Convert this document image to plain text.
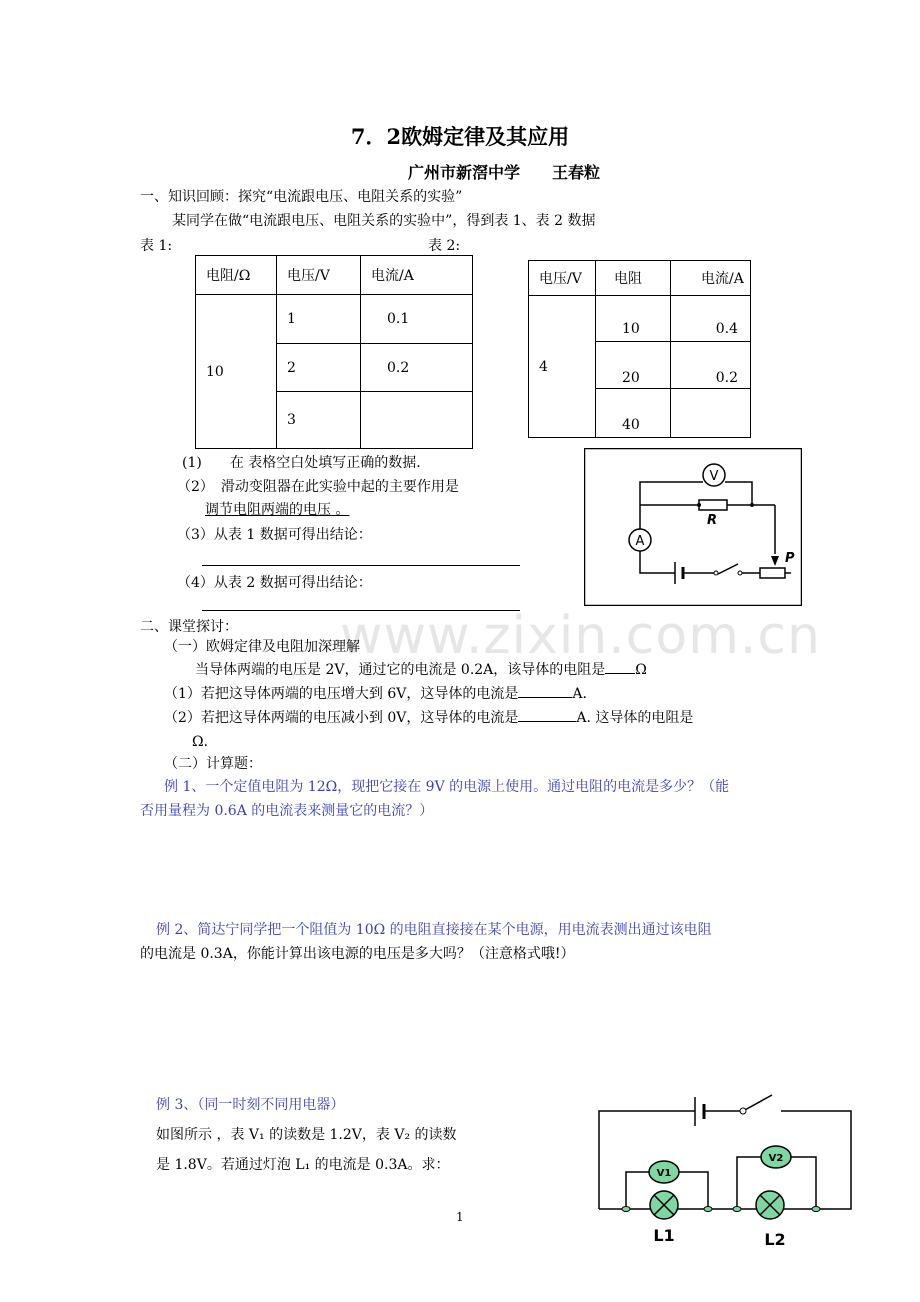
www.zixin.com.cn
7．2欧姆定律及其应用
广州市新滘中学　　王春粒
一、知识回顾：探究“电流跟电压、电阻关系的实验”
某同学在做“电流跟电压、电阻关系的实验中”，得到表 1、表 2 数据
表 1:	表 2:
电阻/Ω	电压/V	电流/A
10	1	0.1
	2	0.2
	3	
电压/V	电阻	电流/A
4	10	0.4
	20	0.2
	40	
(1)　　在 表格空白处填写正确的数据.
（2）　滑动变阻器在此实验中起的主要作用是
调节电阻两端的电压 。
（3）从表 1 数据可得出结论：
（4）从表 2 数据可得出结论：
V
R
A
P
二、课堂探讨：
（一）欧姆定律及电阻加深理解
当导体两端的电压是 2V，通过它的电流是 0.2A，该导体的电阻是 Ω
（1）若把这导体两端的电压增大到 6V，这导体的电流是	A.
（2）若把这导体两端的电压减小到 0V，这导体的电流是	A. 这导体的电阻是
Ω.
（二）计算题：
例 1、一个定值电阻为 12Ω，现把它接在 9V 的电源上使用。通过电阻的电流是多少？（能
否用量程为 0.6A 的电流表来测量它的电流？）
例 2、简达宁同学把一个阻值为 10Ω 的电阻直接接在某个电源，用电流表测出通过该电阻
的电流是 0.3A，你能计算出该电源的电压是多大吗？（注意格式哦!）
例 3、（同一时刻不同用电器）
如图所示 ，表 V₁ 的读数是 1.2V，表 V₂ 的读数
是 1.8V。若通过灯泡 L₁ 的电流是 0.3A。求：
V1
V2
L1	L2
1
